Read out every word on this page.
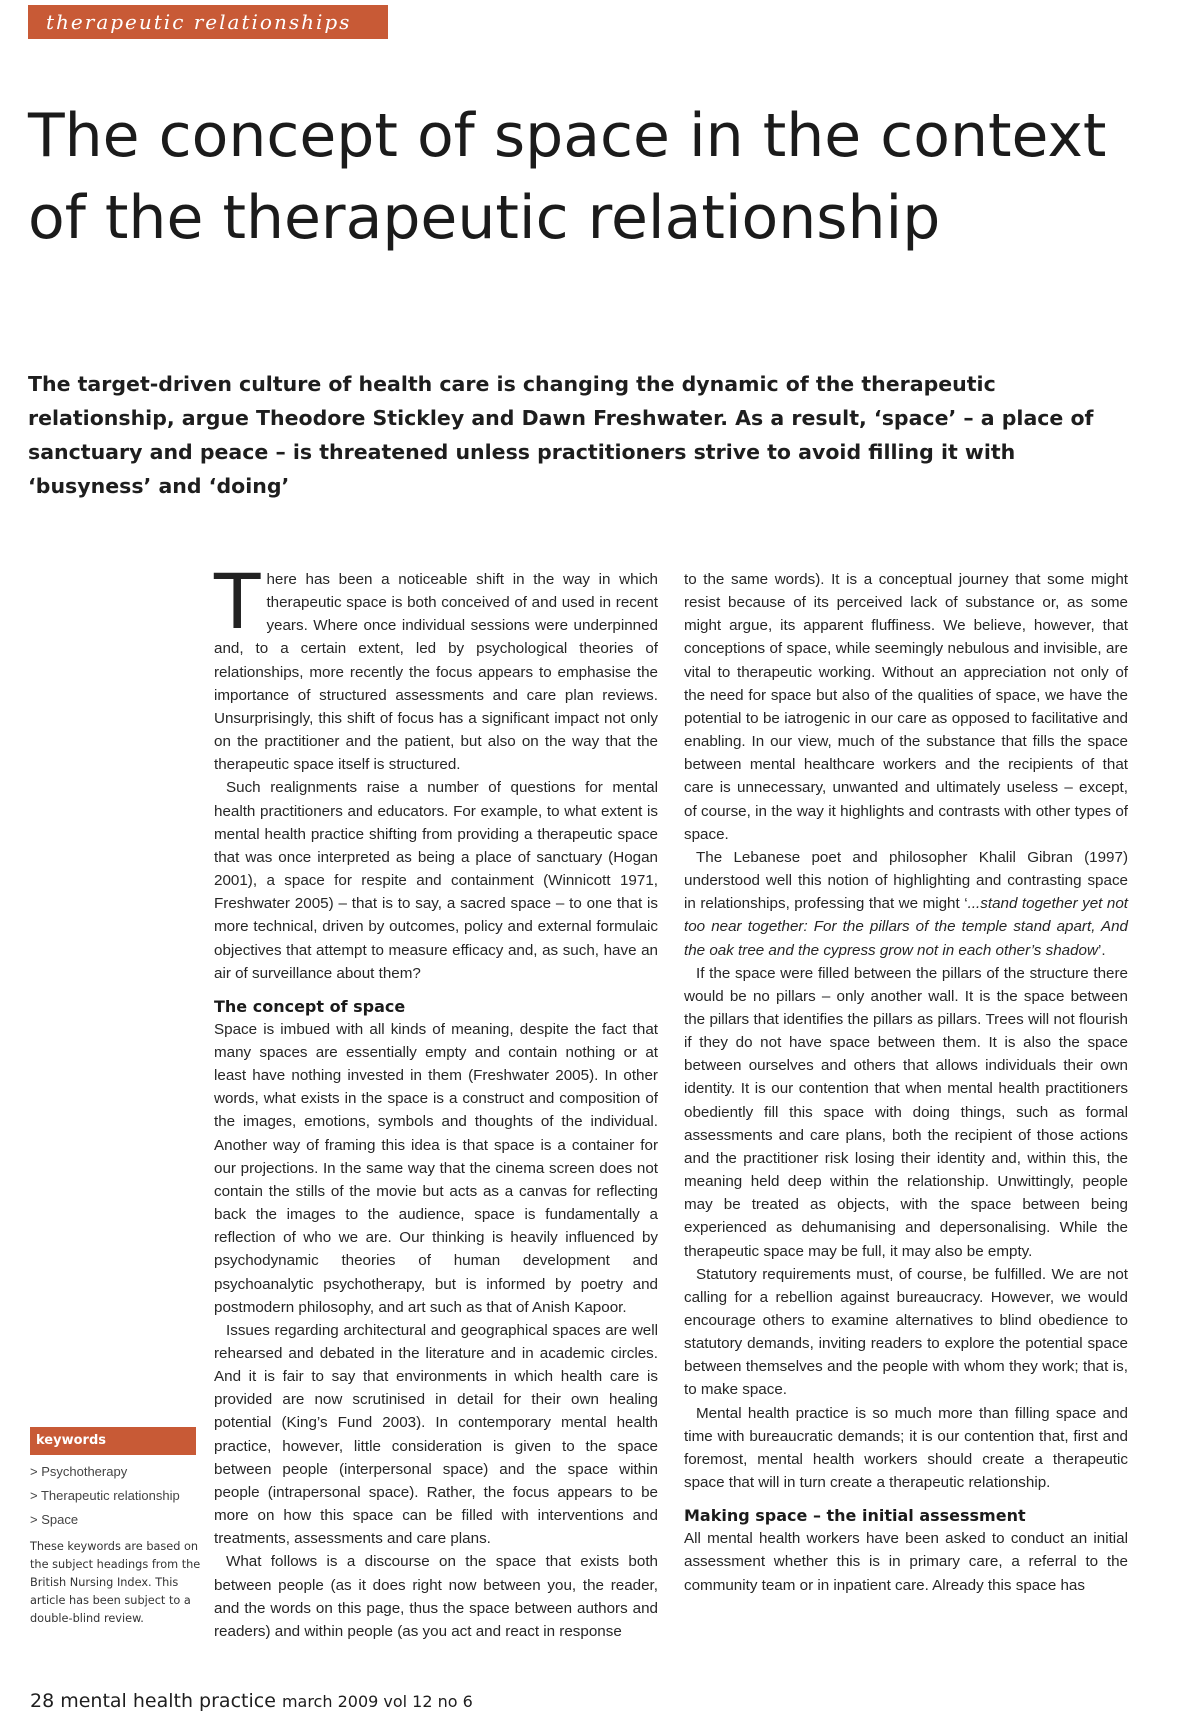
therapeutic relationships
The concept of space in the context of the therapeutic relationship

The target-driven culture of health care is changing the dynamic of the therapeutic relationship, argue Theodore Stickley and Dawn Freshwater. As a result, ‘space’ – a place of sanctuary and peace – is threatened unless practitioners strive to avoid filling it with ‘busyness’ and ‘doing’

There has been a noticeable shift in the way in which therapeutic space is both conceived of and used in recent years. Where once individual sessions were underpinned and, to a certain extent, led by psychological theories of relationships, more recently the focus appears to emphasise the importance of structured assessments and care plan reviews. Unsurprisingly, this shift of focus has a significant impact not only on the practitioner and the patient, but also on the way that the therapeutic space itself is structured.

Such realignments raise a number of questions for mental health practitioners and educators. For example, to what extent is mental health practice shifting from providing a therapeutic space that was once interpreted as being a place of sanctuary (Hogan 2001), a space for respite and containment (Winnicott 1971, Freshwater 2005) – that is to say, a sacred space – to one that is more technical, driven by outcomes, policy and external formulaic objectives that attempt to measure efficacy and, as such, have an air of surveillance about them?

The concept of space

Space is imbued with all kinds of meaning, despite the fact that many spaces are essentially empty and contain nothing or at least have nothing invested in them (Freshwater 2005). In other words, what exists in the space is a construct and composition of the images, emotions, symbols and thoughts of the individual. Another way of framing this idea is that space is a container for our projections. In the same way that the cinema screen does not contain the stills of the movie but acts as a canvas for reflecting back the images to the audience, space is fundamentally a reflection of who we are. Our thinking is heavily influenced by psychodynamic theories of human development and psychoanalytic psychotherapy, but is informed by poetry and postmodern philosophy, and art such as that of Anish Kapoor.

Issues regarding architectural and geographical spaces are well rehearsed and debated in the literature and in academic circles. And it is fair to say that environments in which health care is provided are now scrutinised in detail for their own healing potential (King’s Fund 2003). In contemporary mental health practice, however, little consideration is given to the space between people (interpersonal space) and the space within people (intrapersonal space). Rather, the focus appears to be more on how this space can be filled with interventions and treatments, assessments and care plans.

What follows is a discourse on the space that exists both between people (as it does right now between you, the reader, and the words on this page, thus the space between authors and readers) and within people (as you act and react in response

to the same words). It is a conceptual journey that some might resist because of its perceived lack of substance or, as some might argue, its apparent fluffiness. We believe, however, that conceptions of space, while seemingly nebulous and invisible, are vital to therapeutic working. Without an appreciation not only of the need for space but also of the qualities of space, we have the potential to be iatrogenic in our care as opposed to facilitative and enabling. In our view, much of the substance that fills the space between mental healthcare workers and the recipients of that care is unnecessary, unwanted and ultimately useless – except, of course, in the way it highlights and contrasts with other types of space.

The Lebanese poet and philosopher Khalil Gibran (1997) understood well this notion of highlighting and contrasting space in relationships, professing that we might ‘...stand together yet not too near together: For the pillars of the temple stand apart, And the oak tree and the cypress grow not in each other’s shadow’.

If the space were filled between the pillars of the structure there would be no pillars – only another wall. It is the space between the pillars that identifies the pillars as pillars. Trees will not flourish if they do not have space between them. It is also the space between ourselves and others that allows individuals their own identity. It is our contention that when mental health practitioners obediently fill this space with doing things, such as formal assessments and care plans, both the recipient of those actions and the practitioner risk losing their identity and, within this, the meaning held deep within the relationship. Unwittingly, people may be treated as objects, with the space between being experienced as dehumanising and depersonalising. While the therapeutic space may be full, it may also be empty.

Statutory requirements must, of course, be fulfilled. We are not calling for a rebellion against bureaucracy. However, we would encourage others to examine alternatives to blind obedience to statutory demands, inviting readers to explore the potential space between themselves and the people with whom they work; that is, to make space.

Mental health practice is so much more than filling space and time with bureaucratic demands; it is our contention that, first and foremost, mental health workers should create a therapeutic space that will in turn create a therapeutic relationship.

Making space – the initial assessment

All mental health workers have been asked to conduct an initial assessment whether this is in primary care, a referral to the community team or in inpatient care. Already this space has

keywords
> Psychotherapy
> Therapeutic relationship
> Space

These keywords are based on the subject headings from the British Nursing Index. This article has been subject to a double-blind review.

28 mental health practice march 2009 vol 12 no 6
